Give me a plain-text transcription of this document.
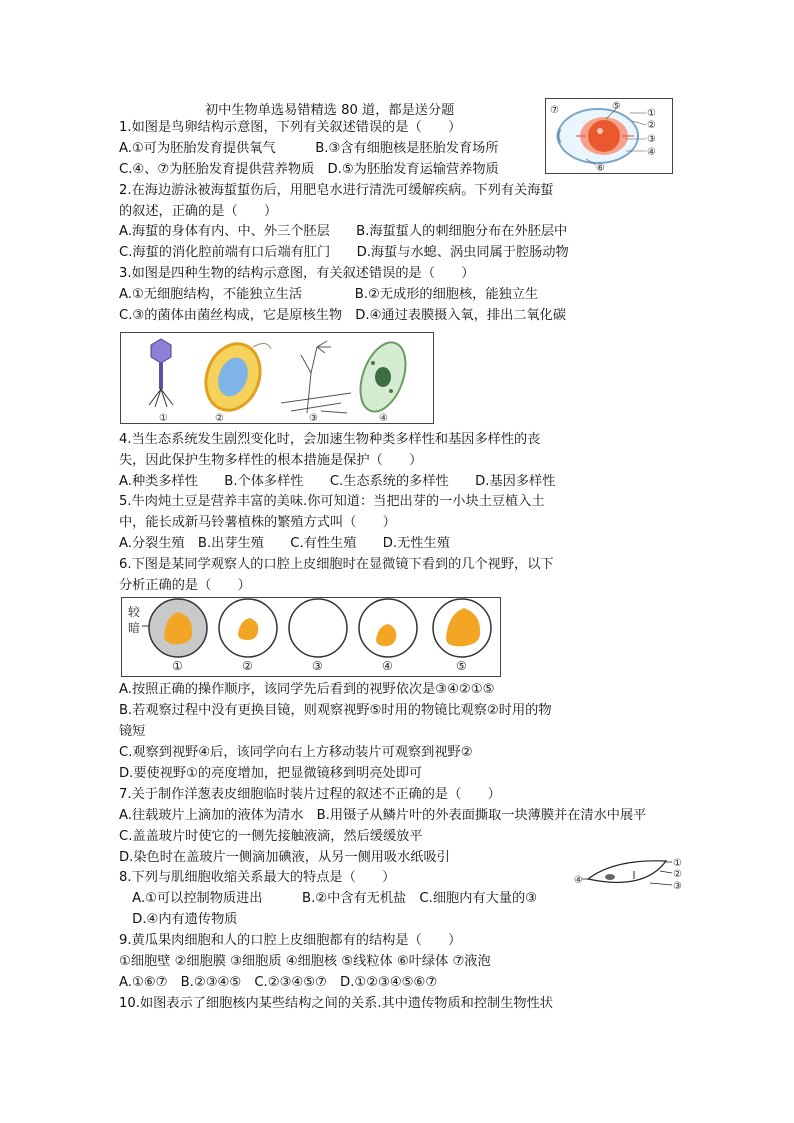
初中生物单选易错精选 80 道，都是送分题
1.如图是鸟卵结构示意图，下列有关叙述错误的是（　　）
A.①可为胚胎发育提供氧气　　　B.③含有细胞核是胚胎发育场所
C.④、⑦为胚胎发育提供营养物质　D.⑤为胚胎发育运输营养物质
2.在海边游泳被海蜇蜇伤后，用肥皂水进行清洗可缓解疾病。下列有关海蜇
的叙述，正确的是（　　）
A.海蜇的身体有内、中、外三个胚层　　B.海蜇蜇人的刺细胞分布在外胚层中
C.海蜇的消化腔前端有口后端有肛门　　D.海蜇与水螅、涡虫同属于腔肠动物
3.如图是四种生物的结构示意图，有关叙述错误的是（　　）
A.①无细胞结构，不能独立生活　　　　B.②无成形的细胞核，能独立生
C.③的菌体由菌丝构成，它是原核生物　D.④通过表膜摄入氧，排出二氧化碳
4.当生态系统发生剧烈变化时，会加速生物种类多样性和基因多样性的丧
失，因此保护生物多样性的根本措施是保护（　　）
A.种类多样性　　B.个体多样性　　C.生态系统的多样性　　D.基因多样性
5.牛肉炖土豆是营养丰富的美味.你可知道：当把出芽的一小块土豆植入土
中，能长成新马铃薯植株的繁殖方式叫（　　）
A.分裂生殖　B.出芽生殖　　C.有性生殖　　D.无性生殖
6.下图是某同学观察人的口腔上皮细胞时在显微镜下看到的几个视野，以下
分析正确的是（　　）
A.按照正确的操作顺序，该同学先后看到的视野依次是③④②①⑤
B.若观察过程中没有更换目镜，则观察视野⑤时用的物镜比观察②时用的物
镜短
C.观察到视野④后，该同学向右上方移动装片可观察到视野②
D.要使视野①的亮度增加，把显微镜移到明亮处即可
7.关于制作洋葱表皮细胞临时装片过程的叙述不正确的是（　　）
A.往载玻片上滴加的液体为清水　B.用镊子从鳞片叶的外表面撕取一块薄膜并在清水中展平
C.盖盖玻片时使它的一侧先接触液滴，然后缓缓放平
D.染色时在盖玻片一侧滴加碘液，从另一侧用吸水纸吸引
8.下列与肌细胞收缩关系最大的特点是（　　）
　A.①可以控制物质进出　　　B.②中含有无机盐　C.细胞内有大量的③
　D.④内有遗传物质
9.黄瓜果肉细胞和人的口腔上皮细胞都有的结构是（　　）
①细胞壁 ②细胞膜 ③细胞质 ④细胞核 ⑤线粒体 ⑥叶绿体 ⑦液泡
A.①⑥⑦　B.②③④⑤　C.②③④⑤⑦　D.①②③④⑤⑥⑦
10.如图表示了细胞核内某些结构之间的关系.其中遗传物质和控制生物性状
①
②
③
④
⑤
⑥
⑦
①	②	③	④
较
暗
①	②	③	④	⑤
④
①
②
③
